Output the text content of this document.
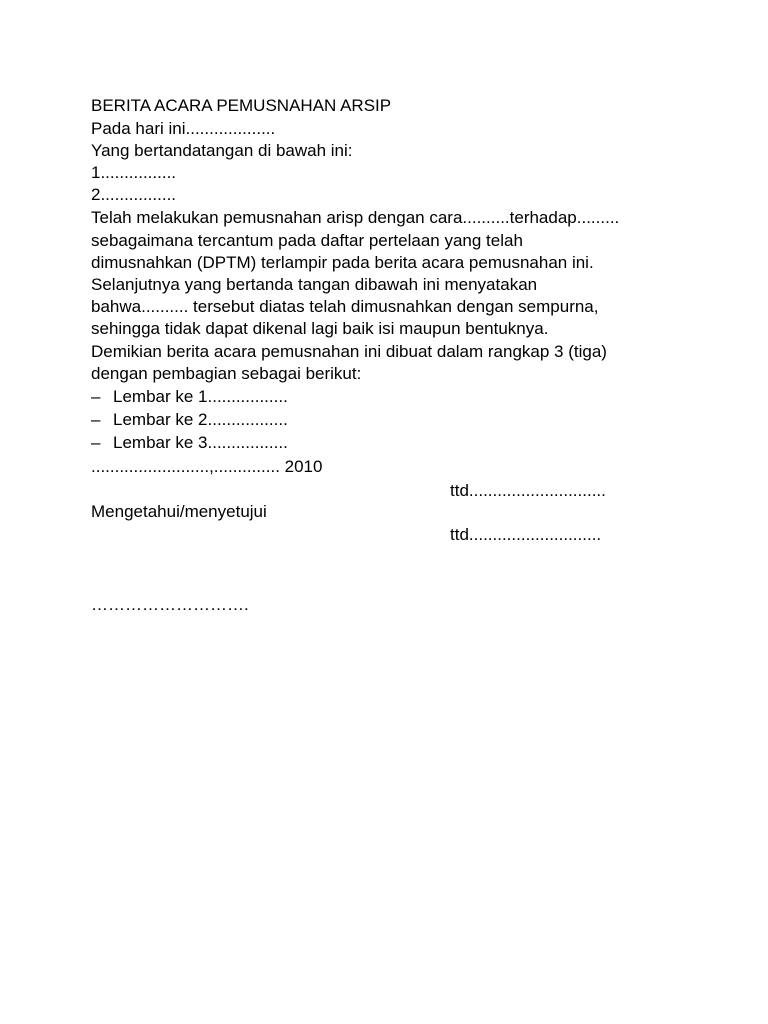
BERITA ACARA PEMUSNAHAN ARSIP
Pada hari ini...................
Yang bertandatangan di bawah ini:
1................
2................
Telah melakukan pemusnahan arisp dengan cara..........terhadap.........
sebagaimana tercantum pada daftar pertelaan yang telah
dimusnahkan (DPTM) terlampir pada berita acara pemusnahan ini.
Selanjutnya yang bertanda tangan dibawah ini menyatakan
bahwa.......... tersebut diatas telah dimusnahkan dengan sempurna,
sehingga tidak dapat dikenal lagi baik isi maupun bentuknya.
Demikian berita acara pemusnahan ini dibuat dalam rangkap 3 (tiga)
dengan pembagian sebagai berikut:
– Lembar ke 1.................
– Lembar ke 2.................
– Lembar ke 3.................
.........................,.............. 2010
ttd.............................
Mengetahui/menyetujui
ttd............................
……………………….
